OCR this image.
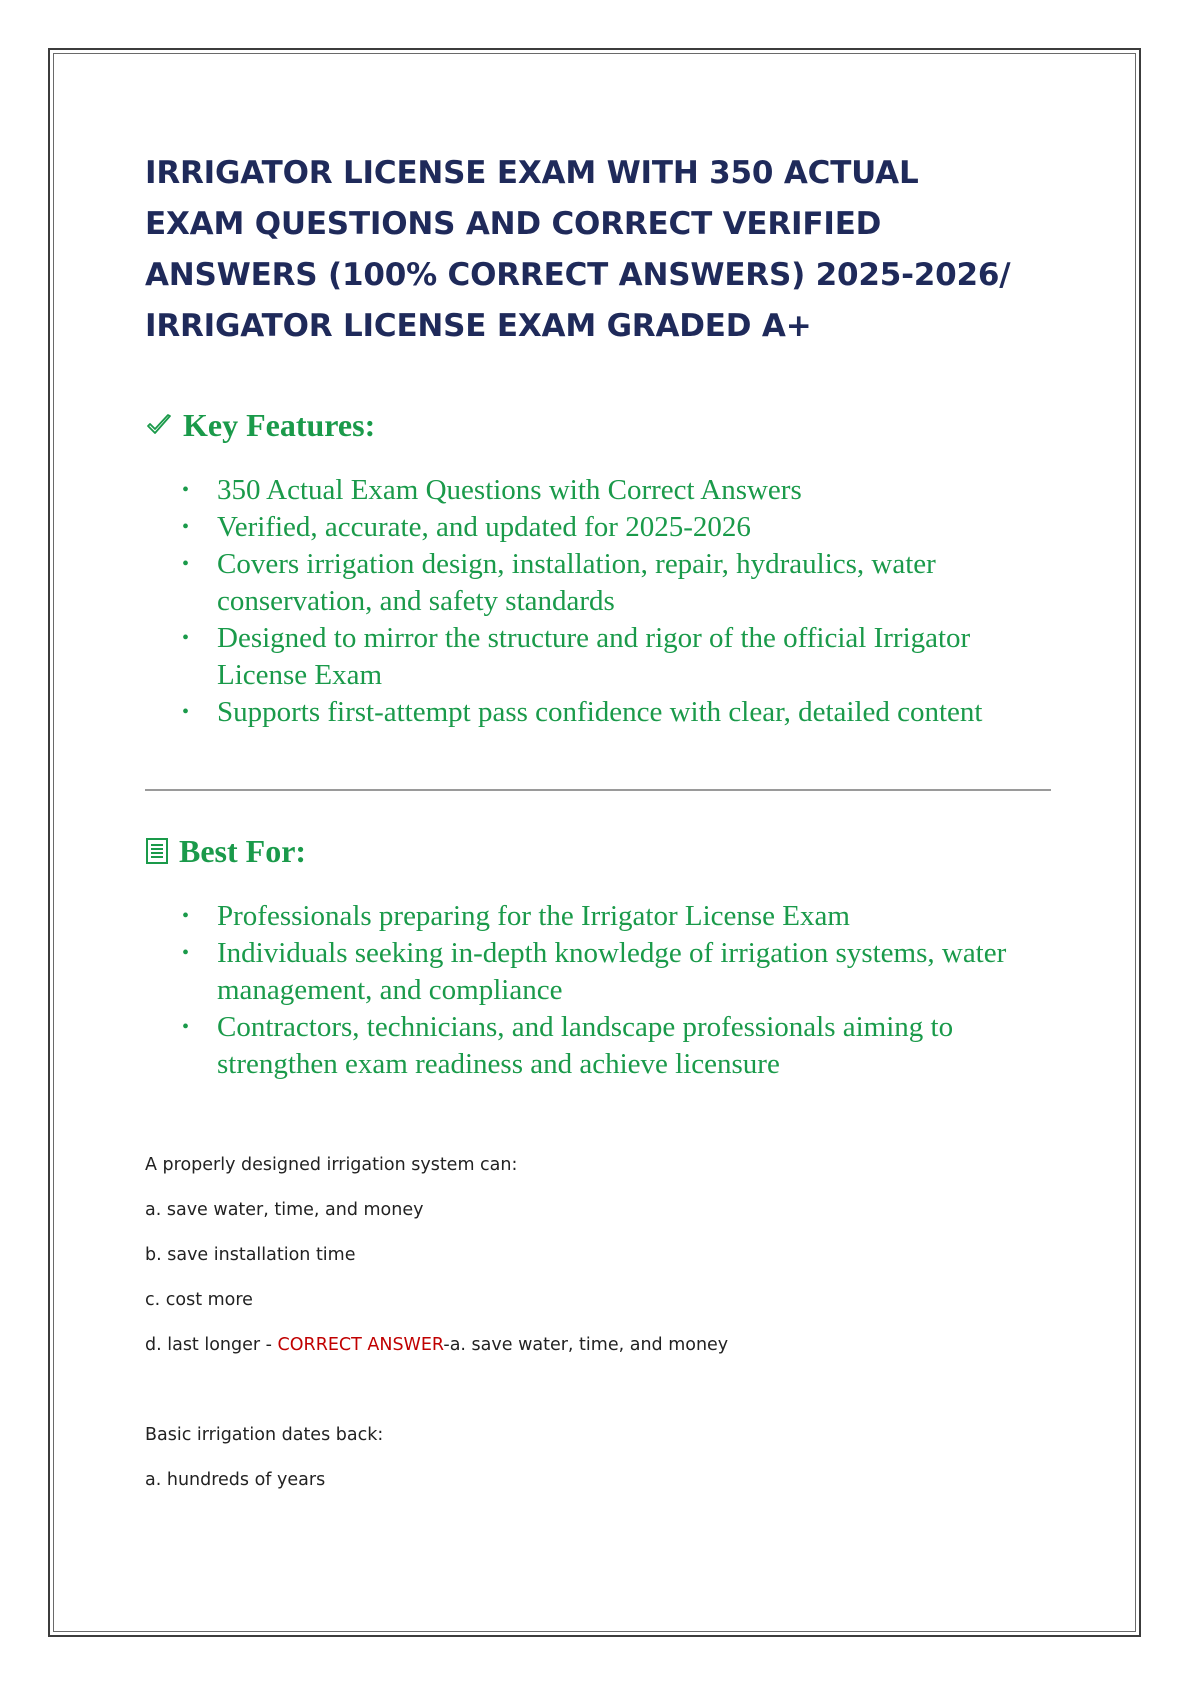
IRRIGATOR LICENSE EXAM WITH 350 ACTUAL
EXAM QUESTIONS AND CORRECT VERIFIED
ANSWERS (100% CORRECT ANSWERS) 2025-2026/
IRRIGATOR LICENSE EXAM GRADED A+
Key Features:
• 350 Actual Exam Questions with Correct Answers
• Verified, accurate, and updated for 2025-2026
• Covers irrigation design, installation, repair, hydraulics, water conservation, and safety standards
• Designed to mirror the structure and rigor of the official Irrigator License Exam
• Supports first-attempt pass confidence with clear, detailed content
Best For:
• Professionals preparing for the Irrigator License Exam
• Individuals seeking in-depth knowledge of irrigation systems, water management, and compliance
• Contractors, technicians, and landscape professionals aiming to strengthen exam readiness and achieve licensure

A properly designed irrigation system can:

a. save water, time, and money

b. save installation time

c. cost more

d. last longer - CORRECT ANSWER-a. save water, time, and money

Basic irrigation dates back:

a. hundreds of years
